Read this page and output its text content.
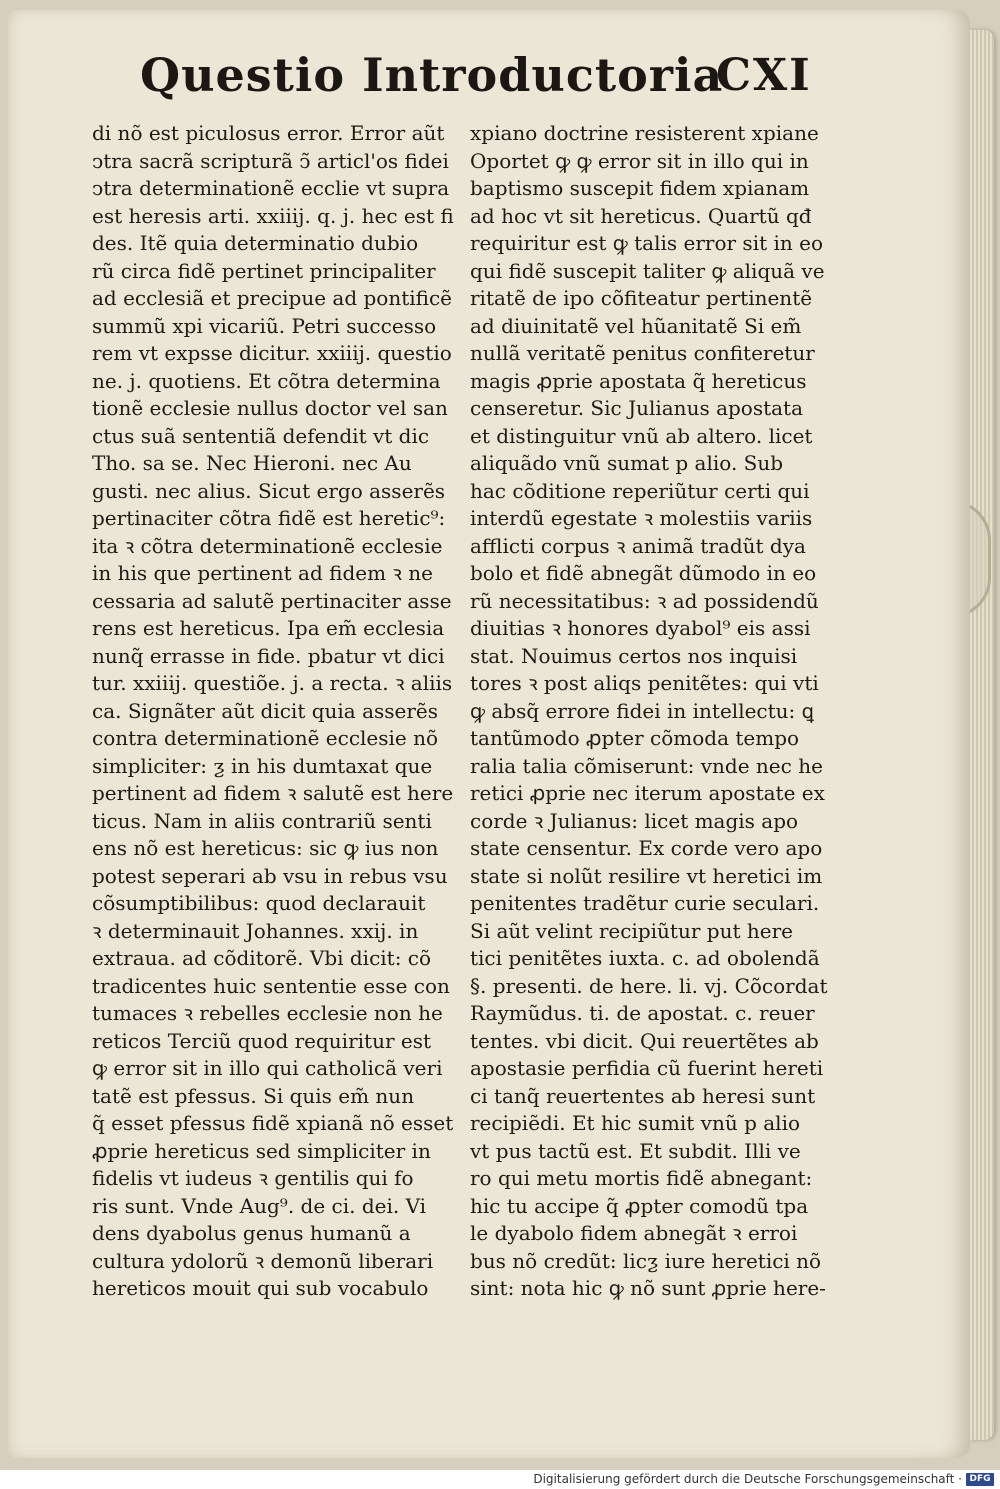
Questio Introductoria
CXI
di nõ est piculosus error. Error aũt
ↄtra sacrã scripturã ↄ̃ articl'os fidei
ↄtra determinationẽ ecclie vt supra
est heresis arti. xxiiij. q. j. hec est fi
des. Itẽ quia determinatio dubio
rũ circa fidẽ pertinet principaliter
ad ecclesiã et precipue ad pontificẽ
summũ xpi vicariũ. Petri successo
rem vt expsse dicitur. xxiiij. questio
ne. j. quotiens. Et cõtra determina
tionẽ ecclesie nullus doctor vel san
ctus suã sententiã defendit vt dic
Tho. sa se. Nec Hieroni. nec Au
gusti. nec alius. Sicut ergo asserẽs
pertinaciter cõtra fidẽ est heretic⁹:
ita ꝛ cõtra determinationẽ ecclesie
in his que pertinent ad fidem ꝛ ne
cessaria ad salutẽ pertinaciter asse
rens est hereticus. Ipa em̃ ecclesia
nunq̃ errasse in fide. pbatur vt dici
tur. xxiiij. questiõe. j. a recta. ꝛ aliis
ca. Signãter aũt dicit quia asserẽs
contra determinationẽ ecclesie nõ
simpliciter: ƺ in his dumtaxat que
pertinent ad fidem ꝛ salutẽ est here
ticus. Nam in aliis contrariũ senti
ens nõ est hereticus: sic ꝙ ius non
potest seperari ab vsu in rebus vsu
cõsumptibilibus: quod declarauit
ꝛ determinauit Johannes. xxij. in
extraua. ad cõditorẽ. Vbi dicit: cõ
tradicentes huic sententie esse con
tumaces ꝛ rebelles ecclesie non he
reticos Terciũ quod requiritur est
ꝙ error sit in illo qui catholicã veri
tatẽ est pfessus. Si quis em̃ nun
q̃ esset pfessus fidẽ xpianã nõ esset
ꝓprie hereticus sed simpliciter in
fidelis vt iudeus ꝛ gentilis qui fo
ris sunt. Vnde Aug⁹. de ci. dei. Vi
dens dyabolus genus humanũ a
cultura ydolorũ ꝛ demonũ liberari
hereticos mouit qui sub vocabulo
xpiano doctrine resisterent xpiane
Oportet ꝙ ꝙ error sit in illo qui in
baptismo suscepit fidem xpianam
ad hoc vt sit hereticus. Quartũ qđ
requiritur est ꝙ talis error sit in eo
qui fidẽ suscepit taliter ꝙ aliquã ve
ritatẽ de ipo cõfiteatur pertinentẽ
ad diuinitatẽ vel hũanitatẽ Si em̃
nullã veritatẽ penitus confiteretur
magis ꝓprie apostata q̃ hereticus
censeretur. Sic Julianus apostata
et distinguitur vnũ ab altero. licet
aliquãdo vnũ sumat p alio. Sub
hac cõditione reperiũtur certi qui
interdũ egestate ꝛ molestiis variis
afflicti corpus ꝛ animã tradũt dya
bolo et fidẽ abnegãt dũmodo in eo
rũ necessitatibus: ꝛ ad possidendũ
diuitias ꝛ honores dyabol⁹ eis assi
stat. Nouimus certos nos inquisi
tores ꝛ post aliqs penitẽtes: qui vti
ꝙ absq̃ errore fidei in intellectu: ꝗ
tantũmodo ꝓpter cõmoda tempo
ralia talia cõmiserunt: vnde nec he
retici ꝓprie nec iterum apostate ex
corde ꝛ Julianus: licet magis apo
state censentur. Ex corde vero apo
state si nolũt resilire vt heretici im
penitentes tradẽtur curie seculari.
Si aũt velint recipiũtur put here
tici penitẽtes iuxta. c. ad obolendã
§. presenti. de here. li. vj. Cõcordat
Raymũdus. ti. de apostat. c. reuer
tentes. vbi dicit. Qui reuertẽtes ab
apostasie perfidia cũ fuerint hereti
ci tanq̃ reuertentes ab heresi sunt
recipiẽdi. Et hic sumit vnũ p alio
vt pus tactũ est. Et subdit. Illi ve
ro qui metu mortis fidẽ abnegant:
hic tu accipe q̃ ꝓpter comodũ tpa
le dyabolo fidem abnegãt ꝛ erroi
bus nõ credũt: licƺ iure heretici nõ
sint: nota hic ꝙ nõ sunt ꝓprie here-
Digitalisierung gefördert durch die Deutsche Forschungsgemeinschaft · DFG
